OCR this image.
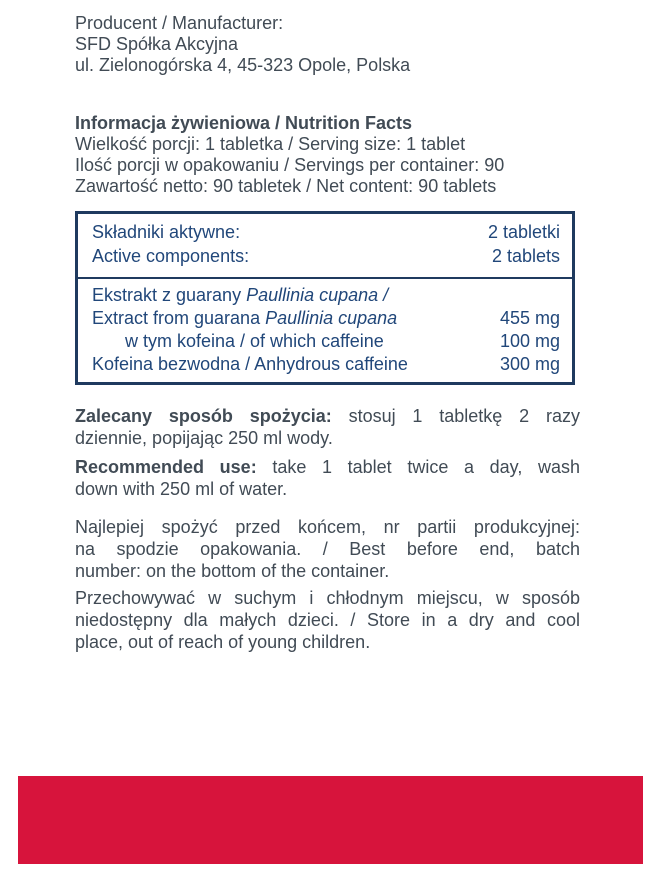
Producent / Manufacturer:
SFD Spółka Akcyjna
ul. Zielonogórska 4, 45-323 Opole, Polska
Informacja żywieniowa / Nutrition Facts
Wielkość porcji: 1 tabletka / Serving size: 1 tablet
Ilość porcji w opakowaniu / Servings per container: 90
Zawartość netto: 90 tabletek / Net content: 90 tablets
Składniki aktywne:	2 tabletki
Active components:	2 tablets
Ekstrakt z guarany Paullinia cupana /
Extract from guarana Paullinia cupana	455 mg
w tym kofeina / of which caffeine	100 mg
Kofeina bezwodna / Anhydrous caffeine	300 mg
Zalecany sposób spożycia: stosuj 1 tabletkę 2 razy
dziennie, popijając 250 ml wody.
Recommended use: take 1 tablet twice a day, wash
down with 250 ml of water.
Najlepiej spożyć przed końcem, nr partii produkcyjnej:
na spodzie opakowania. / Best before end, batch
number: on the bottom of the container.
Przechowywać w suchym i chłodnym miejscu, w sposób
niedostępny dla małych dzieci. / Store in a dry and cool
place, out of reach of young children.
